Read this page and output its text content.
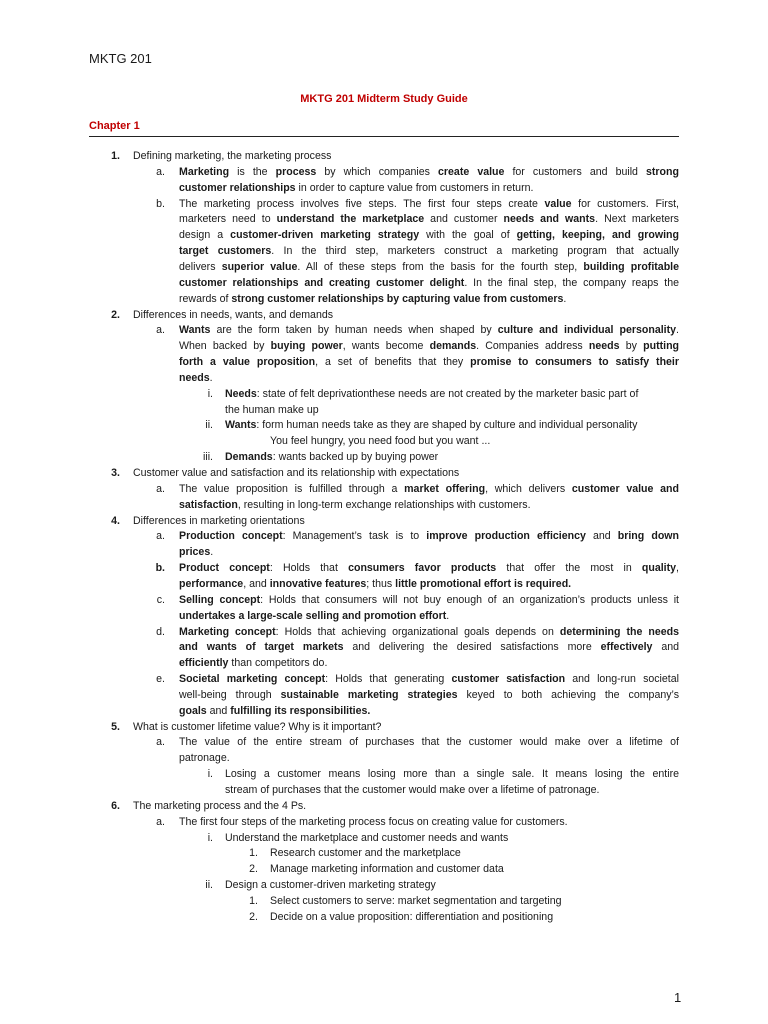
MKTG 201
MKTG 201 Midterm Study Guide
Chapter 1
1. Defining marketing, the marketing process
a. Marketing is the process by which companies create value for customers and build strong
customer relationships in order to capture value from customers in return.
b. The marketing process involves five steps. The first four steps create value for customers. First,
marketers need to understand the marketplace and customer needs and wants. Next marketers
design a customer-driven marketing strategy with the goal of getting, keeping, and growing
target customers. In the third step, marketers construct a marketing program that actually
delivers superior value. All of these steps from the basis for the fourth step, building profitable
customer relationships and creating customer delight. In the final step, the company reaps the
rewards of strong customer relationships by capturing value from customers.
2. Differences in needs, wants, and demands
a. Wants are the form taken by human needs when shaped by culture and individual personality.
When backed by buying power, wants become demands. Companies address needs by putting
forth a value proposition, a set of benefits that they promise to consumers to satisfy their
needs.
i. Needs: state of felt deprivationthese needs are not created by the marketer basic part of
the human make up
ii. Wants: form human needs take as they are shaped by culture and individual personality
You feel hungry, you need food but you want ...
iii. Demands: wants backed up by buying power
3. Customer value and satisfaction and its relationship with expectations
a. The value proposition is fulfilled through a market offering, which delivers customer value and
satisfaction, resulting in long-term exchange relationships with customers.
4. Differences in marketing orientations
a. Production concept: Management’s task is to improve production efficiency and bring down
prices.
b. Product concept: Holds that consumers favor products that offer the most in quality,
performance, and innovative features; thus little promotional effort is required.
c. Selling concept: Holds that consumers will not buy enough of an organization’s products unless it
undertakes a large-scale selling and promotion effort.
d. Marketing concept: Holds that achieving organizational goals depends on determining the needs
and wants of target markets and delivering the desired satisfactions more effectively and
efficiently than competitors do.
e. Societal marketing concept: Holds that generating customer satisfaction and long-run societal
well-being through sustainable marketing strategies keyed to both achieving the company’s
goals and fulfilling its responsibilities.
5. What is customer lifetime value? Why is it important?
a. The value of the entire stream of purchases that the customer would make over a lifetime of
patronage.
i. Losing a customer means losing more than a single sale. It means losing the entire
stream of purchases that the customer would make over a lifetime of patronage.
6. The marketing process and the 4 Ps.
a. The first four steps of the marketing process focus on creating value for customers.
i. Understand the marketplace and customer needs and wants
1. Research customer and the marketplace
2. Manage marketing information and customer data
ii. Design a customer-driven marketing strategy
1. Select customers to serve: market segmentation and targeting
2. Decide on a value proposition: differentiation and positioning
1
